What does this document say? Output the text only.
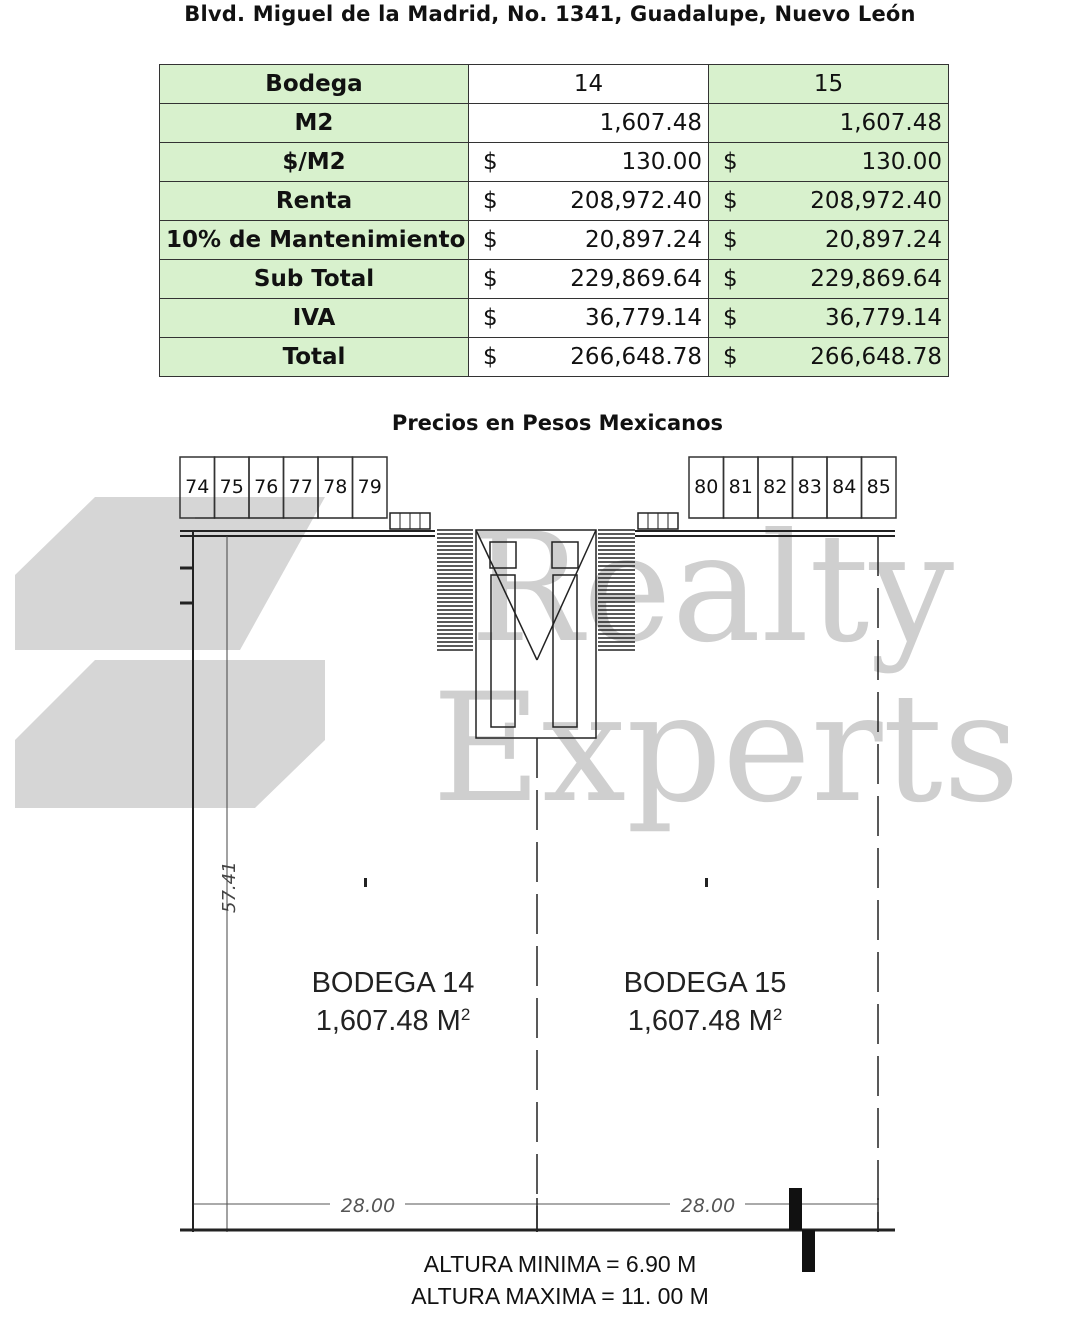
Blvd. Miguel de la Madrid, No. 1341, Guadalupe, Nuevo León
Bodega	14	15
M2	1,607.48	1,607.48
$/M2	$ 130.00	$ 130.00
Renta	$ 208,972.40	$ 208,972.40
10% de Mantenimiento	$ 20,897.24	$ 20,897.24
Sub Total	$ 229,869.64	$ 229,869.64
IVA	$ 36,779.14	$ 36,779.14
Total	$ 266,648.78	$ 266,648.78
Precios en Pesos Mexicanos
Realty
Experts
74 75 76 77 78 79	80 81 82 83 84 85
57.41
28.00	28.00
BODEGA 14
1,607.48 $M^2$
BODEGA 15
1,607.48 $M^2$
ALTURA MINIMA = 6.90 M
ALTURA MAXIMA = 11. 00 M
